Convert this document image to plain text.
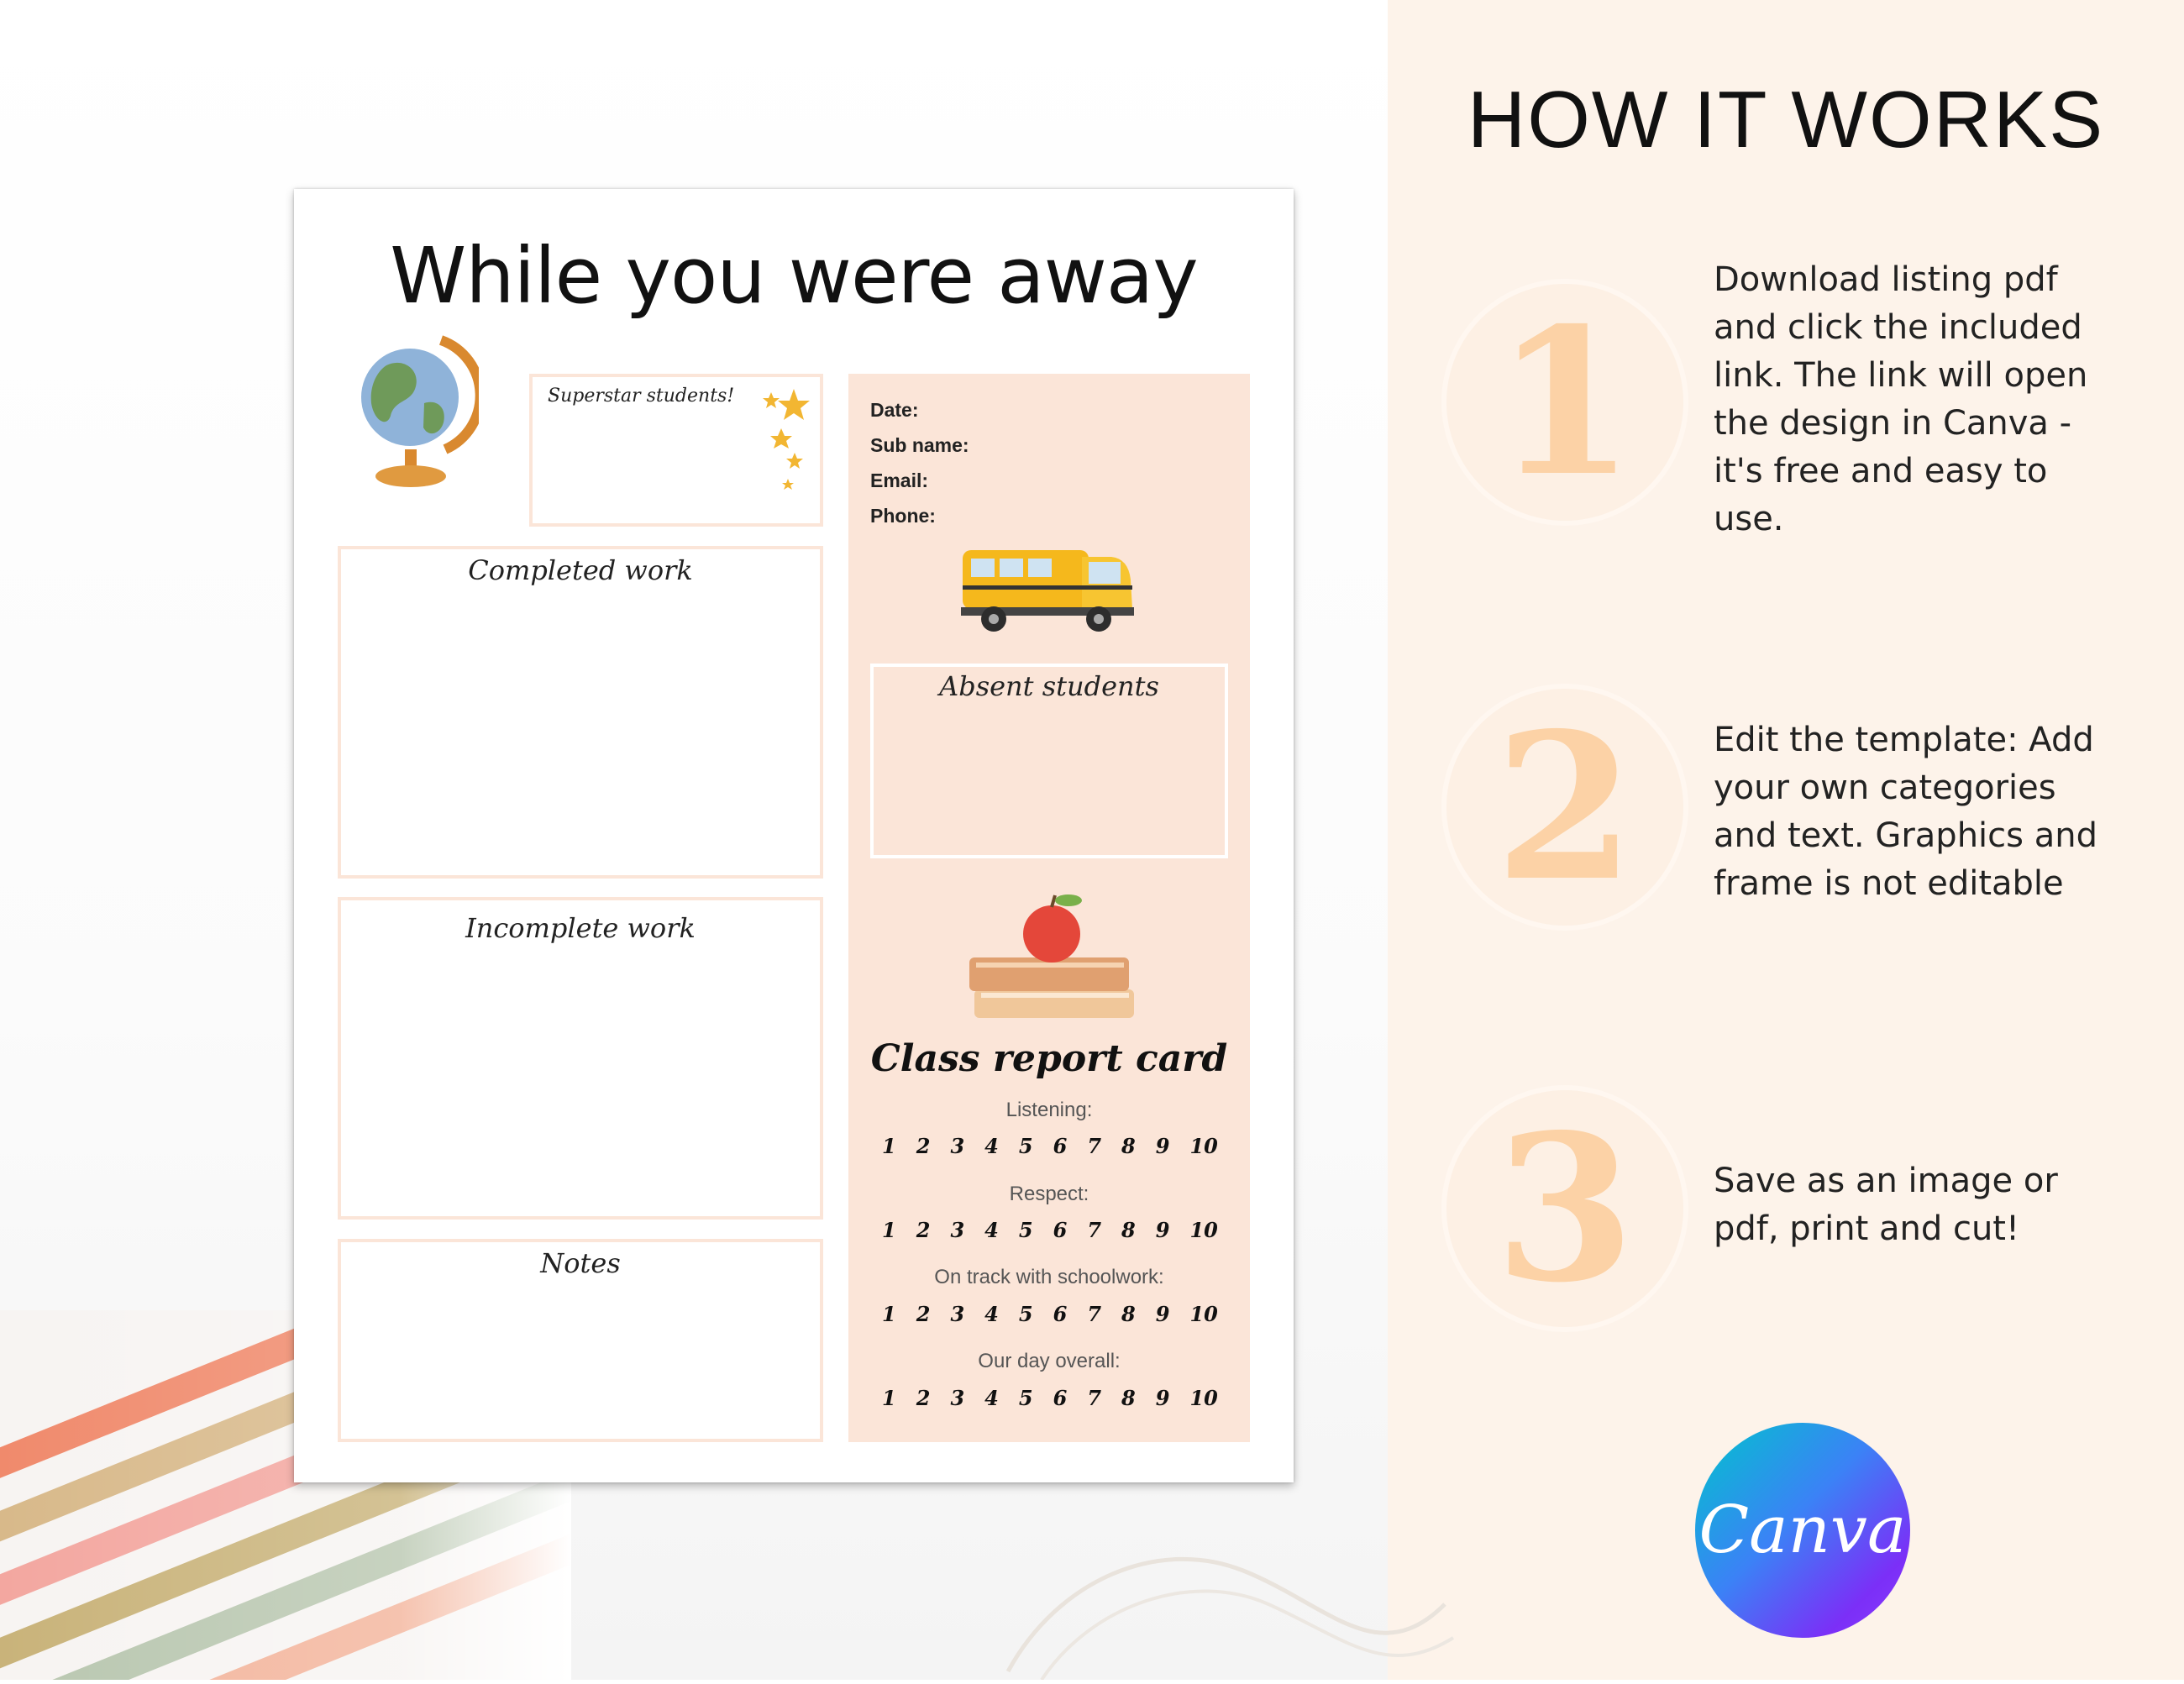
While you were away
Superstar students!
Completed work
Incomplete work
Notes
Date:
Sub name:
Email:
Phone:
Absent students
Class report card
Listening:
1 2 3 4 5 6 7 8 9 10
Respect:
1 2 3 4 5 6 7 8 9 10
On track with schoolwork:
1 2 3 4 5 6 7 8 9 10
Our day overall:
1 2 3 4 5 6 7 8 9 10
HOW IT WORKS
1
Download listing pdf
and click the included
link. The link will open
the design in Canva -
it's free and easy to
use.
2	Edit the template: Add
your own categories
and text. Graphics and
frame is not editable
3	Save as an image or
pdf, print and cut!
Canva
